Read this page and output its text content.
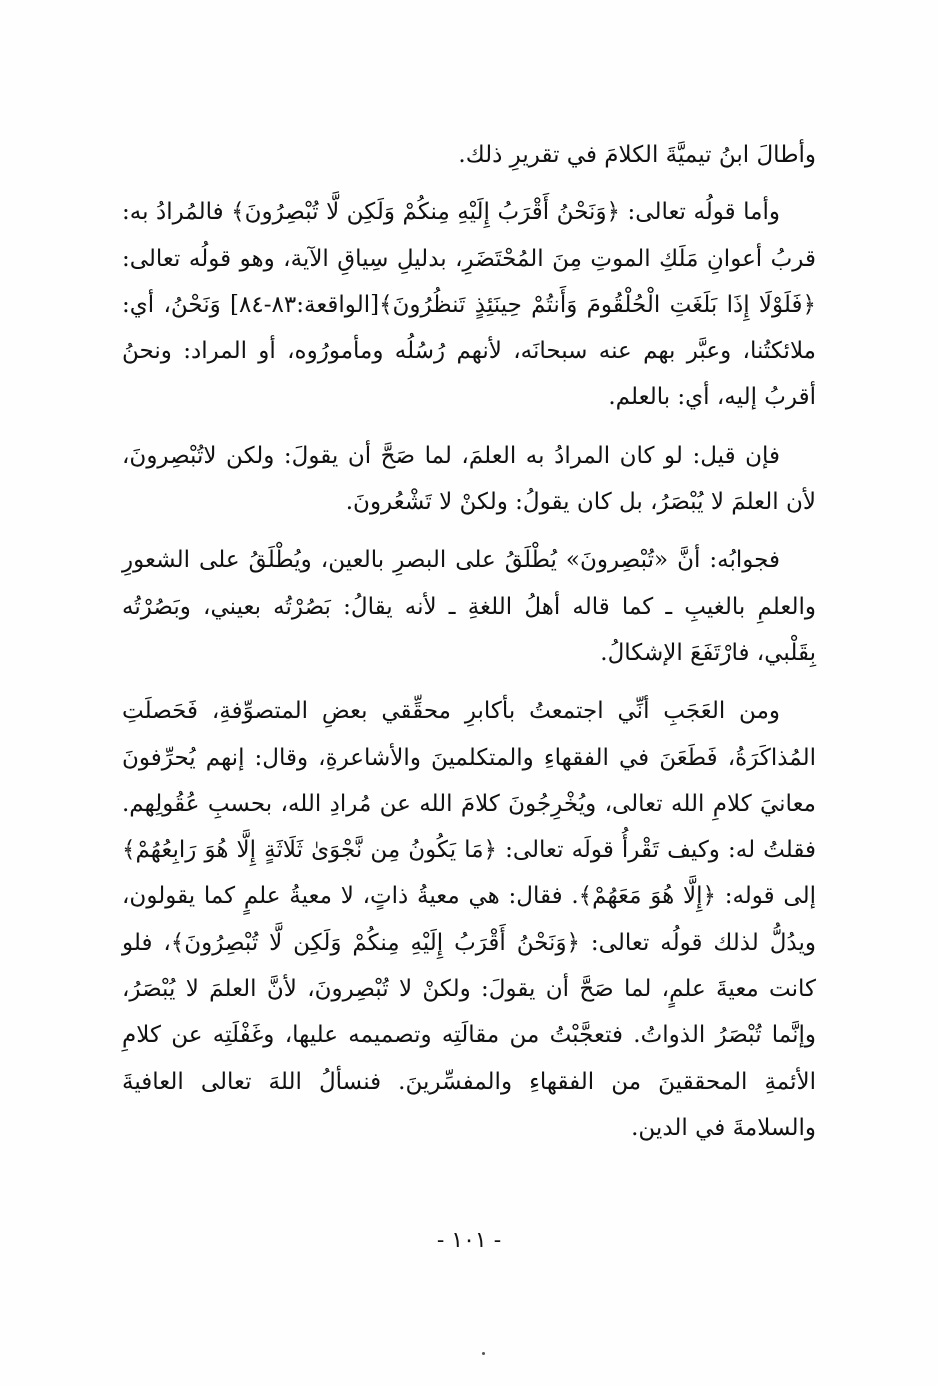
وأطالَ ابنُ تيميَّةَ الكلامَ في تقريرِ ذلك.

وأما قولُه تعالى: ﴿وَنَحْنُ أَقْرَبُ إِلَيْهِ مِنكُمْ وَلَكِن لَّا تُبْصِرُونَ﴾ فالمُرادُ به: قربُ أعوانِ مَلَكِ الموتِ مِنَ المُحْتَضَرِ، بدليلِ سِياقِ الآية، وهو قولُه تعالى: ﴿فَلَوْلَا إِذَا بَلَغَتِ الْحُلْقُومَ وَأَنتُمْ حِينَئِذٍ تَنظُرُونَ﴾[الواقعة:٨٣-٨٤] وَنَحْنُ، أي: ملائكتُنا، وعبَّر بهم عنه سبحانَه، لأنهم رُسُلُه ومأمورُوه، أو المراد: ونحنُ أقربُ إليه، أي: بالعلم.

فإن قيل: لو كان المرادُ به العلمَ، لما صَحَّ أن يقولَ: ولكن لاتُبْصِرونَ، لأن العلمَ لا يُبْصَرُ، بل كان يقولُ: ولكنْ لا تَشْعُرونَ.

فجوابُه: أنَّ «تُبْصِرونَ» يُطْلَقُ على البصرِ بالعين، ويُطْلَقُ على الشعورِ والعلمِ بالغيبِ ـ كما قاله أهلُ اللغةِ ـ لأنه يقالُ: بَصُرْتُه بعيني، وبَصُرْتُه بِقَلْبي، فارْتَفَعَ الإشكالُ.

ومن العَجَبِ أنِّي اجتمعتُ بأكابرِ محقِّقي بعضِ المتصوِّفةِ، فَحَصلَتِ المُذاكَرَةُ، فَطَعَنَ في الفقهاءِ والمتكلمينَ والأشاعرةِ، وقال: إنهم يُحرِّفونَ معانيَ كلامِ الله تعالى، ويُخْرِجُونَ كلامَ الله عن مُرادِ الله، بحسبِ عُقُولِهم. فقلتُ له: وكيف تَقْرأُ قولَه تعالى: ﴿مَا يَكُونُ مِن نَّجْوَىٰ ثَلَاثَةٍ إِلَّا هُوَ رَابِعُهُمْ﴾ إلى قوله: ﴿إِلَّا هُوَ مَعَهُمْ﴾. فقال: هي معيةُ ذاتٍ، لا معيةُ علمٍ كما يقولون، ويدُلُّ لذلك قولُه تعالى: ﴿وَنَحْنُ أَقْرَبُ إِلَيْهِ مِنكُمْ وَلَكِن لَّا تُبْصِرُونَ﴾، فلو كانت معيةَ علمٍ، لما صَحَّ أن يقولَ: ولكنْ لا تُبْصِرونَ، لأنَّ العلمَ لا يُبْصَرُ، وإنَّما تُبْصَرُ الذواتُ. فتعجَّبْتُ من مقالَتِه وتصميمه عليها، وغَفْلَتِه عن كلامِ الأئمةِ المحققينَ من الفقهاءِ والمفسِّرينَ. فنسألُ اللهَ تعالى العافيةَ والسلامةَ في الدين.

- ١٠١ -
